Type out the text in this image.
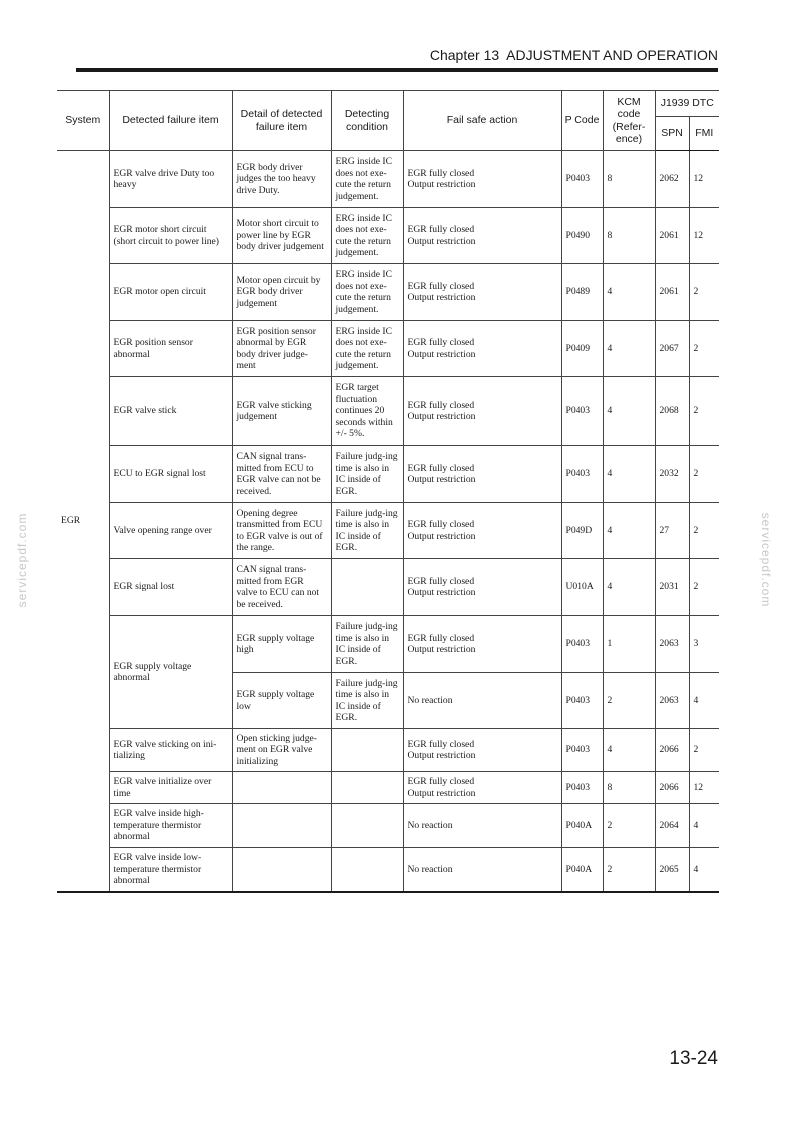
Chapter 13  ADJUSTMENT AND OPERATION
System	Detected failure item	Detail of detected failure item	Detecting condition	Fail safe action	P Code	KCM code (Refer-ence)	J1939 DTC	
							SPN	FMI
EGR	EGR valve drive Duty too heavy	EGR body driver judges the too heavy drive Duty.	ERG inside IC does not exe-cute the return judgement.	EGR fully closed
Output restriction	P0403	8	2062	12
	EGR motor short circuit (short circuit to power line)	Motor short circuit to power line by EGR body driver judgement	ERG inside IC does not exe-cute the return judgement.	EGR fully closed
Output restriction	P0490	8	2061	12
	EGR motor open circuit	Motor open circuit by EGR body driver judgement	ERG inside IC does not exe-cute the return judgement.	EGR fully closed
Output restriction	P0489	4	2061	2
	EGR position sensor abnormal	EGR position sensor abnormal by EGR body driver judge-ment	ERG inside IC does not exe-cute the return judgement.	EGR fully closed
Output restriction	P0409	4	2067	2
	EGR valve stick	EGR valve sticking judgement	EGR target fluctuation continues 20 seconds within +/- 5%.	EGR fully closed
Output restriction	P0403	4	2068	2
	ECU to EGR signal lost	CAN signal trans-mitted from ECU to EGR valve can not be received.	Failure judg-ing time is also in IC inside of EGR.	EGR fully closed
Output restriction	P0403	4	2032	2
	Valve opening range over	Opening degree transmitted from ECU to EGR valve is out of the range.	Failure judg-ing time is also in IC inside of EGR.	EGR fully closed
Output restriction	P049D	4	27	2
	EGR signal lost	CAN signal trans-mitted from EGR valve to ECU can not be received.		EGR fully closed
Output restriction	U010A	4	2031	2
	EGR supply voltage abnormal	EGR supply voltage high	Failure judg-ing time is also in IC inside of EGR.	EGR fully closed
Output restriction	P0403	1	2063	3
		EGR supply voltage low	Failure judg-ing time is also in IC inside of EGR.	No reaction	P0403	2	2063	4
	EGR valve sticking on ini-tializing	Open sticking judge-ment on EGR valve initializing		EGR fully closed
Output restriction	P0403	4	2066	2
	EGR valve initialize over time			EGR fully closed
Output restriction	P0403	8	2066	12
	EGR valve inside high-temperature thermistor abnormal			No reaction	P040A	2	2064	4
	EGR valve inside low-temperature thermistor abnormal			No reaction	P040A	2	2065	4
servicepdf.com	servicepdf.com
13-24
